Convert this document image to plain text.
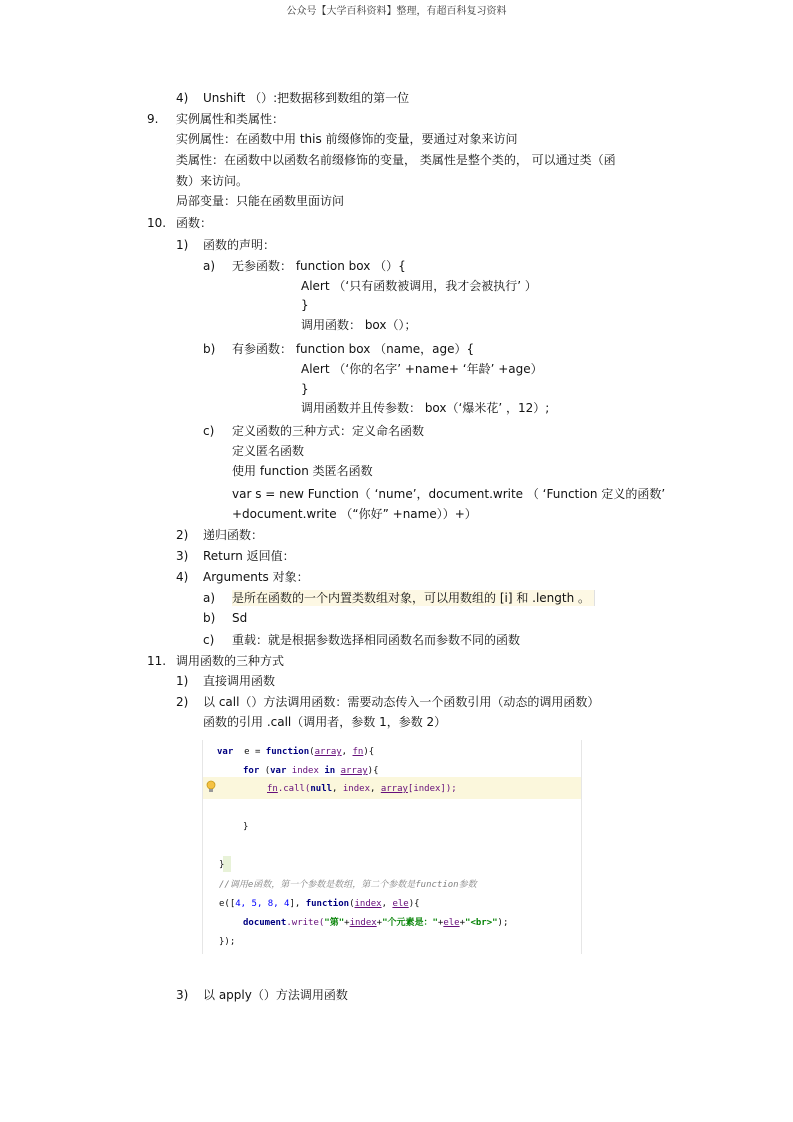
公众号【大学百科资料】整理，有超百科复习资料
4) Unshift （）:把数据移到数组的第一位
9. 实例属性和类属性：
实例属性：在函数中用 this 前缀修饰的变量，要通过对象来访问
类属性：在函数中以函数名前缀修饰的变量， 类属性是整个类的， 可以通过类（函
数）来访问。
局部变量：只能在函数里面访问
10. 函数：
1) 函数的声明：
a) 无参函数： function box （）{
Alert （‘只有函数被调用，我才会被执行’ ）
}
调用函数： box（）；
b) 有参函数： function box （name，age）{
Alert （‘你的名字’ +name+ ‘年龄’ +age）
}
调用函数并且传参数： box（‘爆米花’ ，12）;
c) 定义函数的三种方式：定义命名函数
定义匿名函数
使用 function 类匿名函数
var s = new Function（ ‘nume’，document.write （ ‘Function 定义的函数’
+document.write （“你好” +name））+）
2) 递归函数：
3) Return 返回值：
4) Arguments 对象：
a) 是所在函数的一个内置类数组对象，可以用数组的 [i] 和 .length 。
b) Sd
c) 重载：就是根据参数选择相同函数名而参数不同的函数
11. 调用函数的三种方式
1) 直接调用函数
2) 以 call（）方法调用函数：需要动态传入一个函数引用（动态的调用函数）
函数的引用 .call（调用者，参数 1，参数 2）
3) 以 apply（）方法调用函数
var e = function(array, fn){
for (var index in array){
fn.call(null, index, array[index]);
}
}
//调用e函数，第一个参数是数组，第二个参数是function参数
e([4, 5, 8, 4], function(index, ele){
document.write("第"+index+"个元素是："+ele+"<br>");
});
